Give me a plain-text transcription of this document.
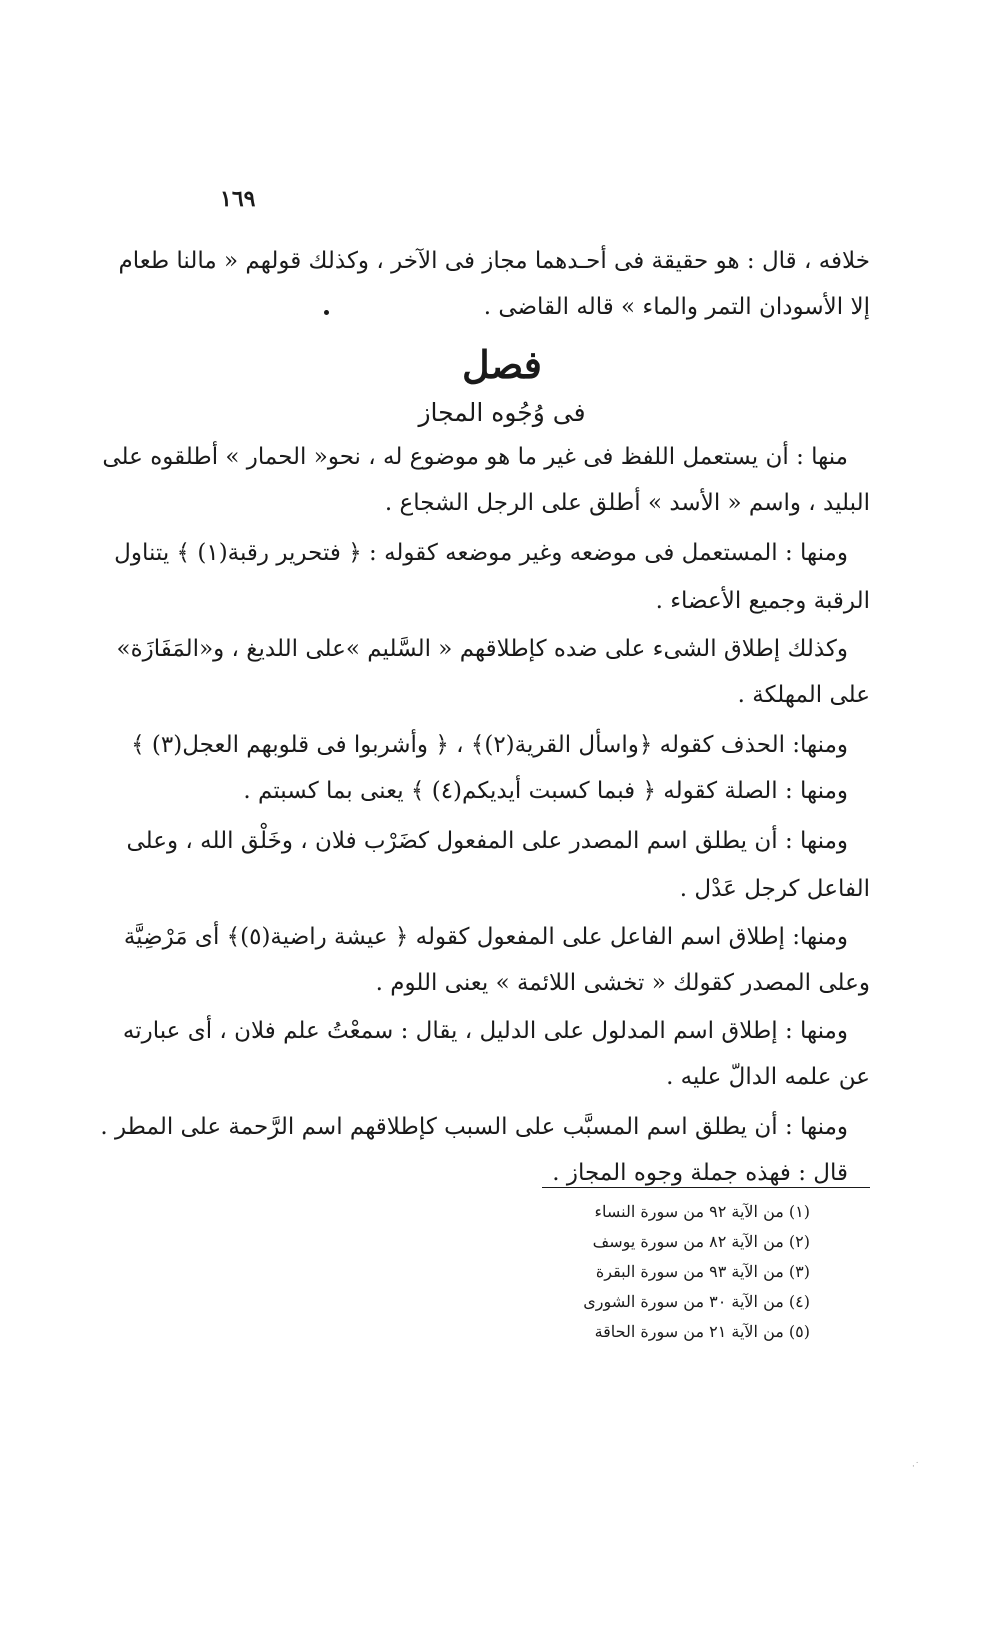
١٦٩
خلافه ، قال : هو حقيقة فى أحـدهما مجاز فى الآخر ، وكذلك قولهم « مالنا طعام
إلا الأسودان التمر والماء » قاله القاضى .
فصل
فى وُجُوه المجاز
منها : أن يستعمل اللفظ فى غير ما هو موضوع له ، نحو« الحمار » أطلقوه على
البليد ، واسم « الأسد » أطلق على الرجل الشجاع .
ومنها : المستعمل فى موضعه وغير موضعه كقوله : ﴿ فتحرير رقبة(١) ﴾ يتناول
الرقبة وجميع الأعضاء .
وكذلك إطلاق الشىء على ضده كإطلاقهم « السَّليم »على اللديغ ، و«المَفَازَة»
على المهلكة .
ومنها: الحذف كقوله ﴿واسأل القرية(٢)﴾ ، ﴿ وأشربوا فى قلوبهم العجل(٣) ﴾
ومنها : الصلة كقوله ﴿ فبما كسبت أيديكم(٤) ﴾ يعنى بما كسبتم .
ومنها : أن يطلق اسم المصدر على المفعول كضَرْب فلان ، وخَلْق الله ، وعلى
الفاعل كرجل عَدْل .
ومنها: إطلاق اسم الفاعل على المفعول كقوله ﴿ عيشة راضية(٥)﴾ أى مَرْضِيَّة
وعلى المصدر كقولك « تخشى اللائمة » يعنى اللوم .
ومنها : إطلاق اسم المدلول على الدليل ، يقال : سمعْتُ علم فلان ، أى عبارته
عن علمه الدالّ عليه .
ومنها : أن يطلق اسم المسبَّب على السبب كإطلاقهم اسم الرَّحمة على المطر .
قال : فهذه جملة وجوه المجاز .
(١) من الآية ٩٢ من سورة النساء
(٢) من الآية ٨٢ من سورة يوسف
(٣) من الآية ٩٣ من سورة البقرة
(٤) من الآية ٣٠ من سورة الشورى
(٥) من الآية ٢١ من سورة الحاقة
·˙
